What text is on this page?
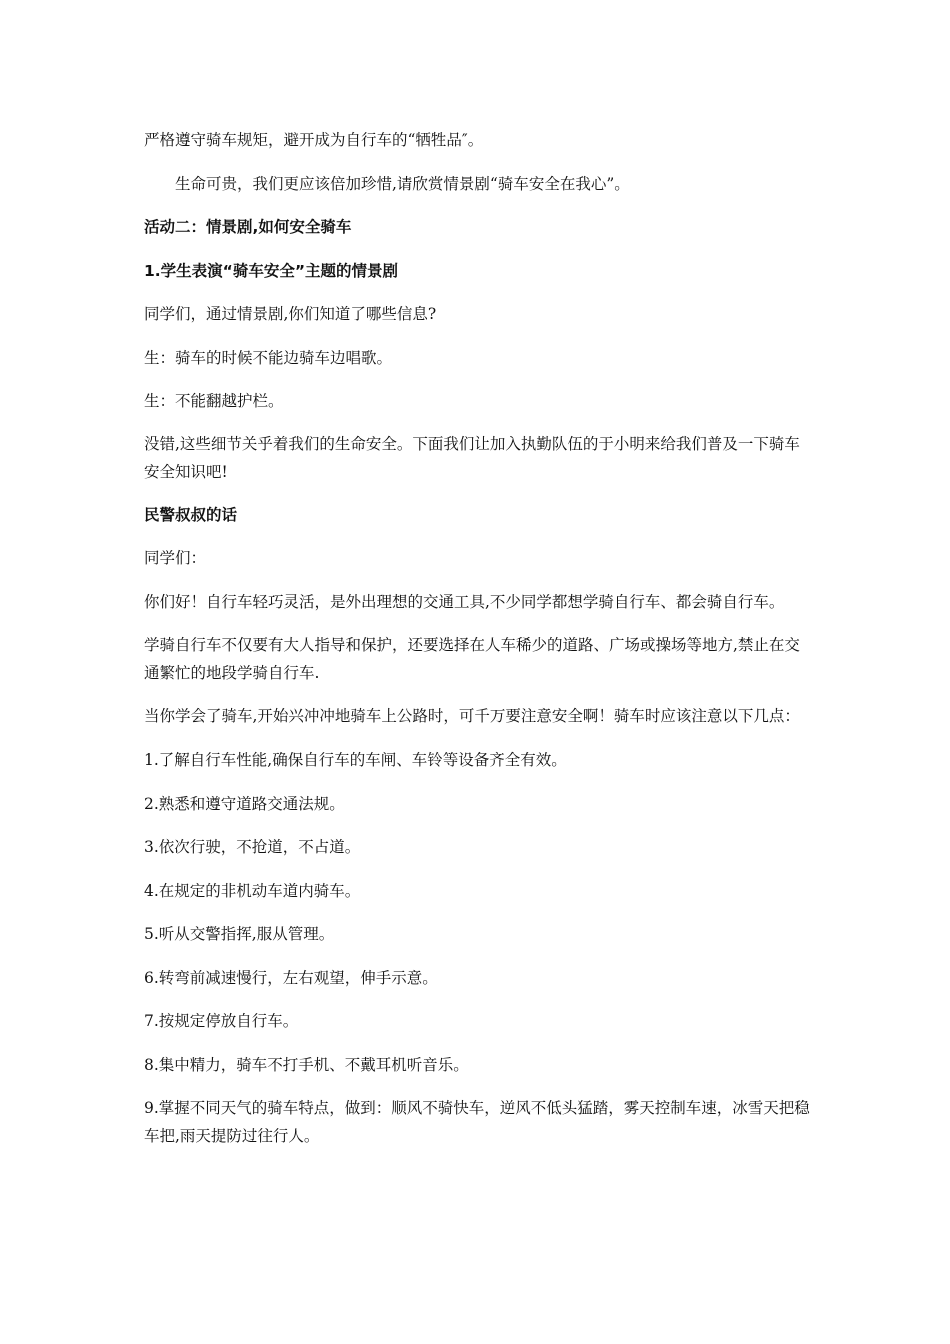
严格遵守骑车规矩，避开成为自行车的“牺牲品″。

生命可贵，我们更应该倍加珍惜,请欣赏情景剧“骑车安全在我心”。

活动二：情景剧,如何安全骑车

1.学生表演“骑车安全”主题的情景剧

同学们，通过情景剧,你们知道了哪些信息?

生：骑车的时候不能边骑车边唱歌。

生：不能翻越护栏。

没错,这些细节关乎着我们的生命安全。下面我们让加入执勤队伍的于小明来给我们普及一下骑车安全知识吧!

民警叔叔的话

同学们：

你们好！自行车轻巧灵活，是外出理想的交通工具,不少同学都想学骑自行车、都会骑自行车。

学骑自行车不仅要有大人指导和保护，还要选择在人车稀少的道路、广场或操场等地方,禁止在交通繁忙的地段学骑自行车.

当你学会了骑车,开始兴冲冲地骑车上公路时，可千万要注意安全啊！骑车时应该注意以下几点：

1.了解自行车性能,确保自行车的车闸、车铃等设备齐全有效。

2.熟悉和遵守道路交通法规。

3.依次行驶，不抢道，不占道。

4.在规定的非机动车道内骑车。

5.听从交警指挥,服从管理。

6.转弯前减速慢行，左右观望，伸手示意。

7.按规定停放自行车。

8.集中精力，骑车不打手机、不戴耳机听音乐。

9.掌握不同天气的骑车特点，做到：顺风不骑快车，逆风不低头猛踏，雾天控制车速，冰雪天把稳车把,雨天提防过往行人。
